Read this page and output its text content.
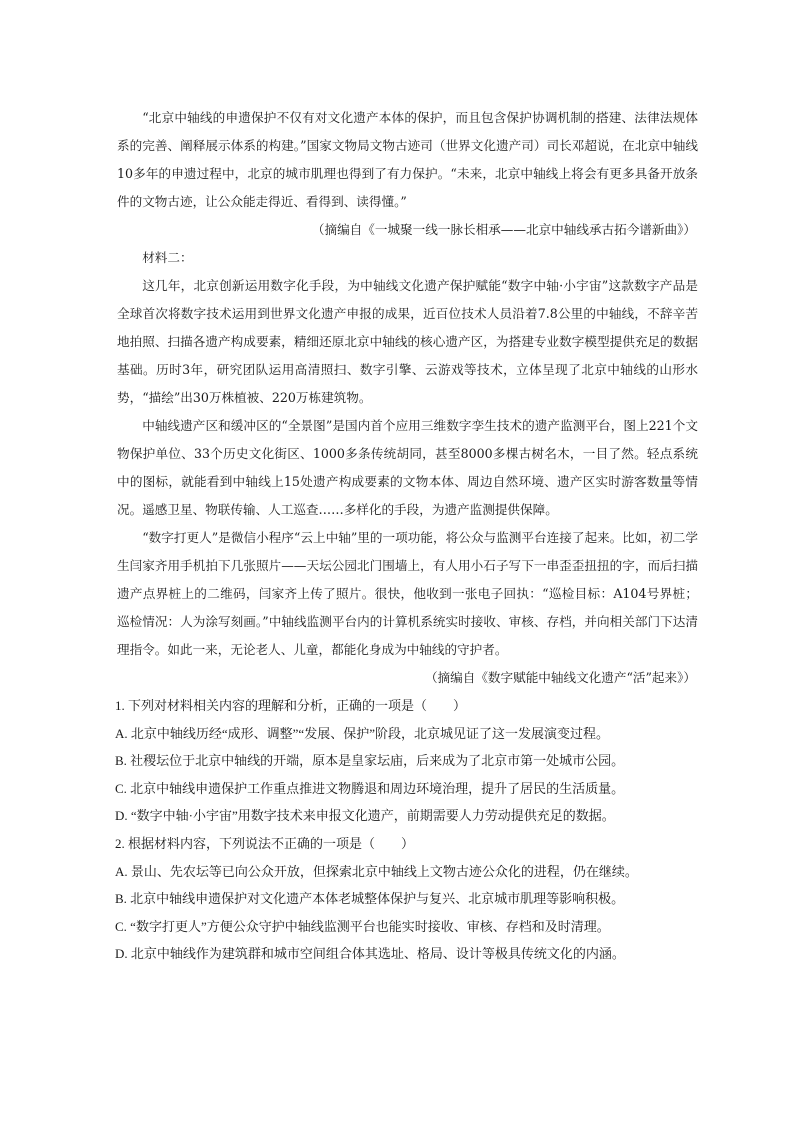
“北京中轴线的申遗保护不仅有对文化遗产本体的保护，而且包含保护协调机制的搭建、法律法规体系的完善、阐释展示体系的构建。”国家文物局文物古迹司（世界文化遗产司）司长邓超说，在北京中轴线10多年的申遗过程中，北京的城市肌理也得到了有力保护。“未来，北京中轴线上将会有更多具备开放条件的文物古迹，让公众能走得近、看得到、读得懂。”

（摘编自《一城聚一线一脉长相承——北京中轴线承古拓今谱新曲》）

材料二：

这几年，北京创新运用数字化手段，为中轴线文化遗产保护赋能“数字中轴·小宇宙”这款数字产品是全球首次将数字技术运用到世界文化遗产申报的成果，近百位技术人员沿着7.8公里的中轴线，不辞辛苦地拍照、扫描各遗产构成要素，精细还原北京中轴线的核心遗产区，为搭建专业数字模型提供充足的数据基础。历时3年，研究团队运用高清照扫、数字引擎、云游戏等技术，立体呈现了北京中轴线的山形水势，“描绘”出30万株植被、220万栋建筑物。

中轴线遗产区和缓冲区的“全景图”是国内首个应用三维数字孪生技术的遗产监测平台，图上221个文物保护单位、33个历史文化街区、1000多条传统胡同，甚至8000多棵古树名木，一目了然。轻点系统中的图标，就能看到中轴线上15处遗产构成要素的文物本体、周边自然环境、遗产区实时游客数量等情况。遥感卫星、物联传输、人工巡查……多样化的手段，为遗产监测提供保障。

“数字打更人”是微信小程序“云上中轴”里的一项功能，将公众与监测平台连接了起来。比如，初二学生闫家齐用手机拍下几张照片——天坛公园北门围墙上，有人用小石子写下一串歪歪扭扭的字，而后扫描遗产点界桩上的二维码，闫家齐上传了照片。很快，他收到一张电子回执：“巡检目标：A104号界桩；巡检情况：人为涂写刻画。”中轴线监测平台内的计算机系统实时接收、审核、存档，并向相关部门下达清理指令。如此一来，无论老人、儿童，都能化身成为中轴线的守护者。

（摘编自《数字赋能中轴线文化遗产“活”起来》）

1. 下列对材料相关内容的理解和分析，正确的一项是（　　）

A. 北京中轴线历经“成形、调整”“发展、保护”阶段，北京城见证了这一发展演变过程。

B. 社稷坛位于北京中轴线的开端，原本是皇家坛庙，后来成为了北京市第一处城市公园。

C. 北京中轴线申遗保护工作重点推进文物腾退和周边环境治理，提升了居民的生活质量。

D. “数字中轴·小宇宙”用数字技术来申报文化遗产，前期需要人力劳动提供充足的数据。

2. 根据材料内容，下列说法不正确的一项是（　　）

A. 景山、先农坛等已向公众开放，但探索北京中轴线上文物古迹公众化的进程，仍在继续。

B. 北京中轴线申遗保护对文化遗产本体老城整体保护与复兴、北京城市肌理等影响积极。

C. “数字打更人”方便公众守护中轴线监测平台也能实时接收、审核、存档和及时清理。

D. 北京中轴线作为建筑群和城市空间组合体其选址、格局、设计等极具传统文化的内涵。
